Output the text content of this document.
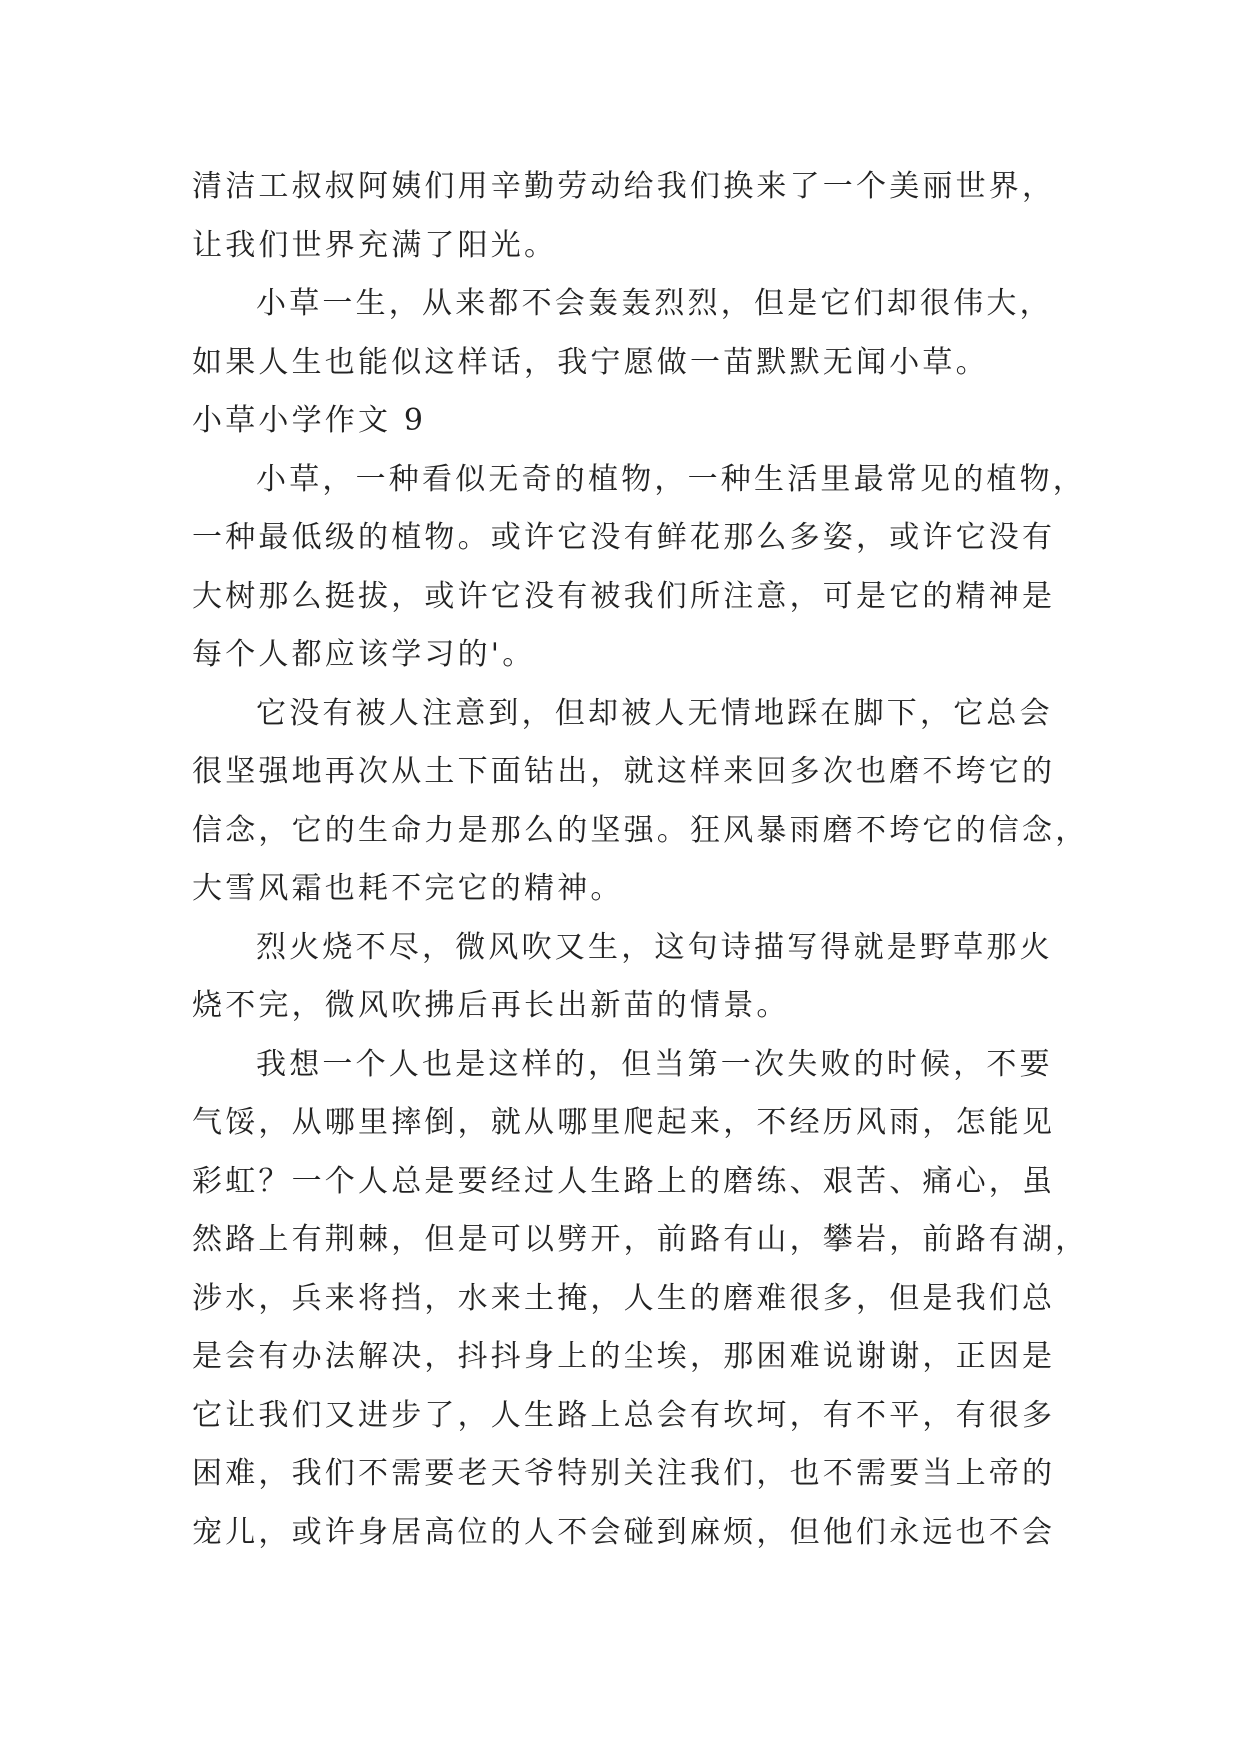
清洁工叔叔阿姨们用辛勤劳动给我们换来了一个美丽世界，
让我们世界充满了阳光。
小草一生，从来都不会轰轰烈烈，但是它们却很伟大，
如果人生也能似这样话，我宁愿做一苗默默无闻小草。
小草小学作文 9
小草，一种看似无奇的植物，一种生活里最常见的植物，
一种最低级的植物。或许它没有鲜花那么多姿，或许它没有
大树那么挺拔，或许它没有被我们所注意，可是它的精神是
每个人都应该学习的'。
它没有被人注意到，但却被人无情地踩在脚下，它总会
很坚强地再次从土下面钻出，就这样来回多次也磨不垮它的
信念，它的生命力是那么的坚强。狂风暴雨磨不垮它的信念，
大雪风霜也耗不完它的精神。
烈火烧不尽，微风吹又生，这句诗描写得就是野草那火
烧不完，微风吹拂后再长出新苗的情景。
我想一个人也是这样的，但当第一次失败的时候，不要
气馁，从哪里摔倒，就从哪里爬起来，不经历风雨，怎能见
彩虹？一个人总是要经过人生路上的磨练、艰苦、痛心，虽
然路上有荆棘，但是可以劈开，前路有山，攀岩，前路有湖，
涉水，兵来将挡，水来土掩，人生的磨难很多，但是我们总
是会有办法解决，抖抖身上的尘埃，那困难说谢谢，正因是
它让我们又进步了，人生路上总会有坎坷，有不平，有很多
困难，我们不需要老天爷特别关注我们，也不需要当上帝的
宠儿，或许身居高位的人不会碰到麻烦，但他们永远也不会
